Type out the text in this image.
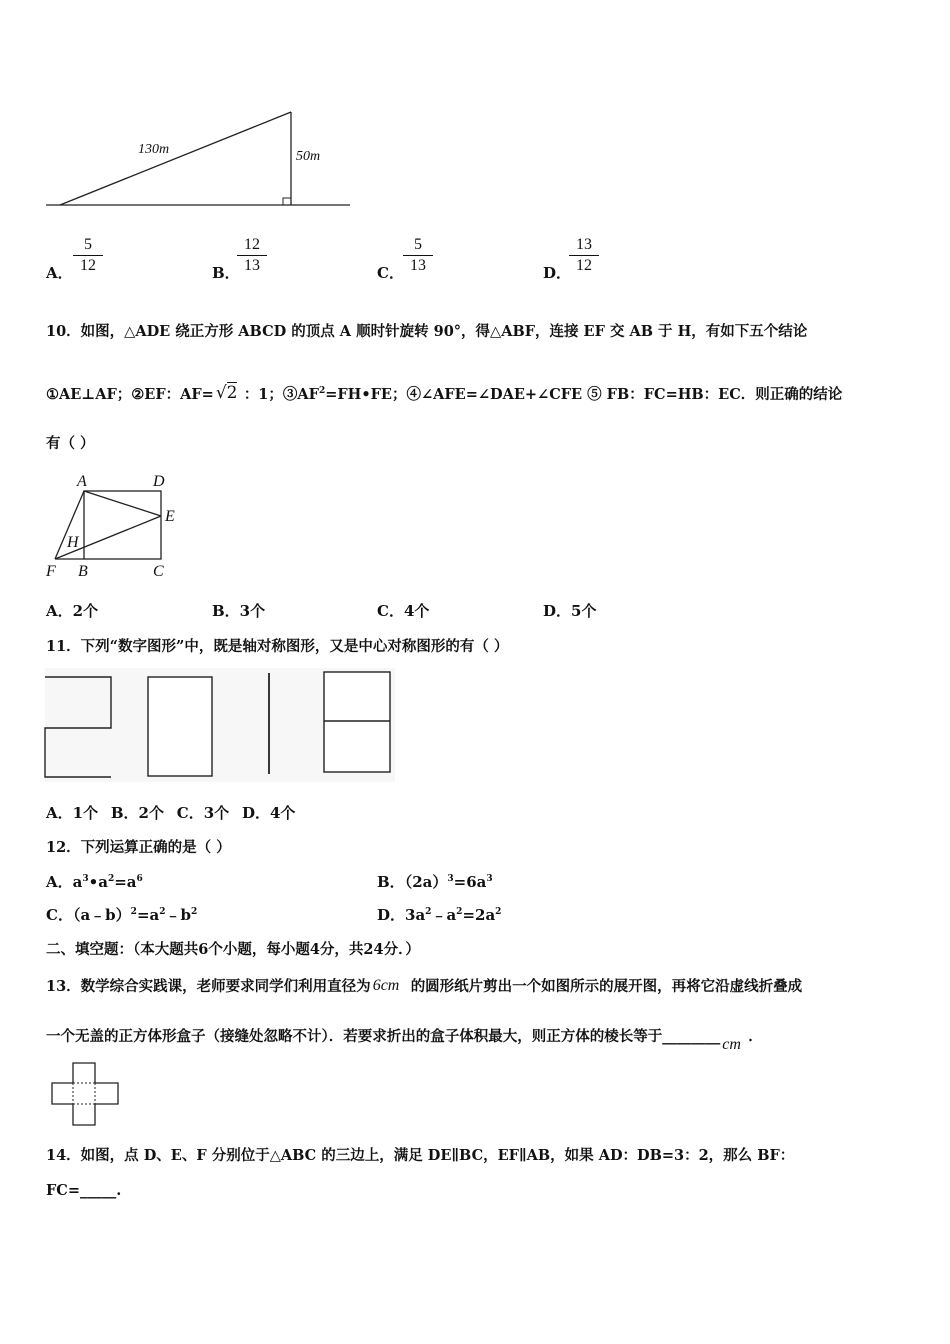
130m	50m
A． $\frac{5}{12}$	B．
$\frac{12}{13}$	C． $\frac{5}{13}$	D．
$\frac{13}{12}$
10．如图，△ADE 绕正方形 ABCD 的顶点 A 顺时针旋转 90°，得△ABF，连接 EF 交 AB 于 H，有如下五个结论
①AE⊥AF；②EF：AF= √2 ：1；$③AF^2=FH•FE$；④∠AFE=∠DAE+∠CFE ⑤ FB：FC=HB：EC．则正确的结论
有（ ）
A	D
E
H
F B	C
A．2个	B．3个	C．4个	D．5个
11．下列“数字图形”中，既是轴对称图形，又是中心对称图形的有（ ）
A．1个 B．2个 C．3个 D．4个
12．下列运算正确的是（ ）
A．$a^3•a^2=a^6$	B．$(2a)^3=6a^3$
C．$(a﹣b)^2=a^2﹣b^2$	D．$3a^2﹣a^2=2a^2$
二、填空题：（本大题共6个小题，每小题4分，共24分．）
13．数学综合实践课，老师要求同学们利用直径为 6cm 的圆形纸片剪出一个如图所示的展开图，再将它沿虚线折叠成
一个无盖的正方体形盒子（接缝处忽略不计）．若要求折出的盒子体积最大，则正方体的棱长等于________ cm ．
14．如图，点 D、E、F 分别位于△ABC 的三边上，满足 DE∥BC，EF∥AB，如果 AD：DB=3：2，那么 BF：
FC=_____.
